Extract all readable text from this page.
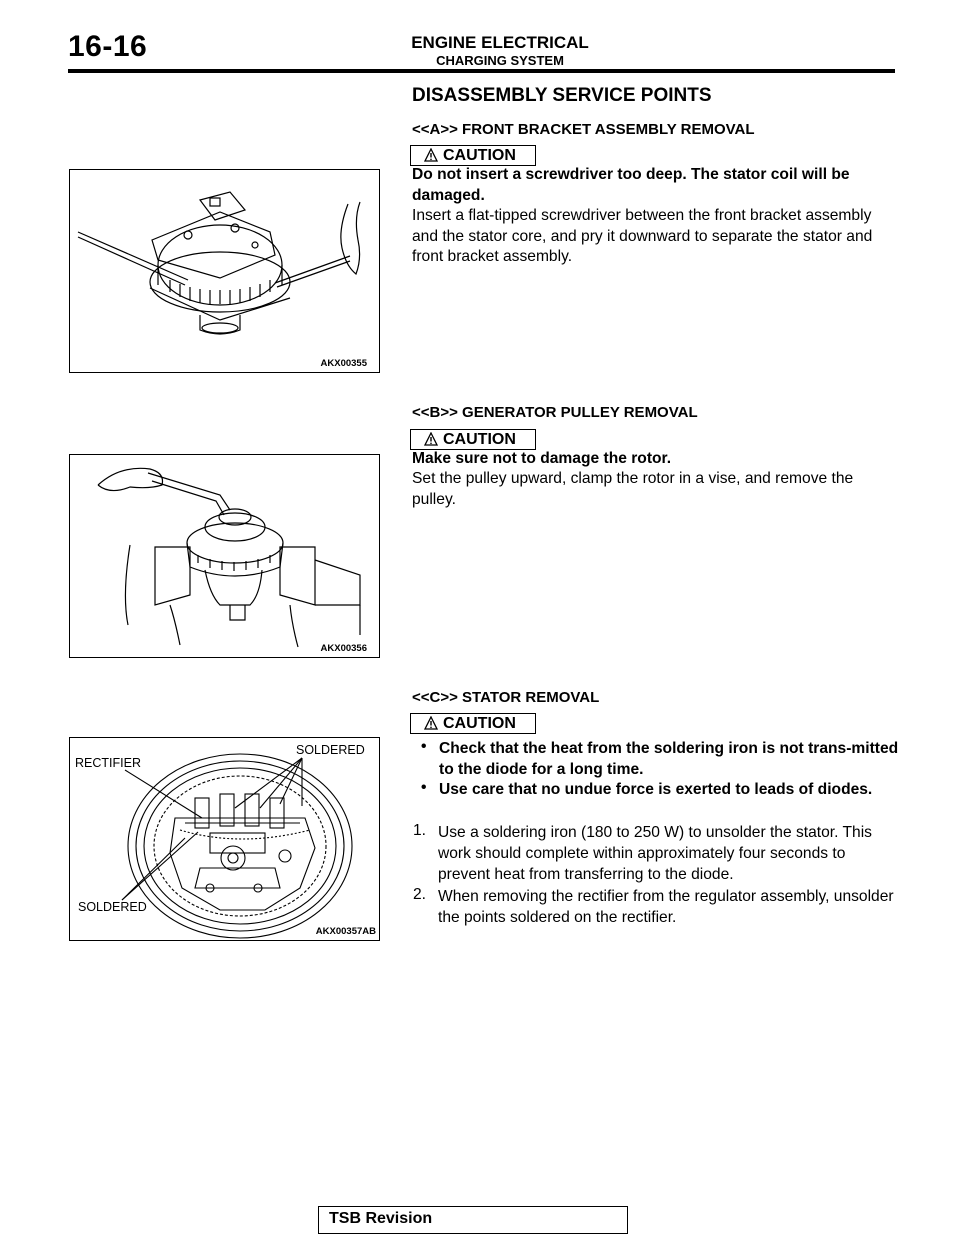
16-16	ENGINE ELECTRICAL
CHARGING SYSTEM
DISASSEMBLY SERVICE POINTS
<<A>> FRONT BRACKET ASSEMBLY REMOVAL
CAUTION
Do not insert a screwdriver too deep. The stator coil will be damaged.
Insert a flat-tipped screwdriver between the front bracket assembly and the stator core, and pry it downward to separate the stator and front bracket assembly.
AKX00355
<<B>> GENERATOR PULLEY REMOVAL
CAUTION
Make sure not to damage the rotor.
Set the pulley upward, clamp the rotor in a vise, and remove the pulley.
AKX00356
<<C>> STATOR REMOVAL
CAUTION
• Check that the heat from the soldering iron is not trans-mitted to the diode for a long time.
• Use care that no undue force is exerted to leads of diodes.
1. Use a soldering iron (180 to 250 W) to unsolder the stator. This work should complete within approximately four seconds to prevent heat from transferring to the diode.
2. When removing the rectifier from the regulator assembly, unsolder the points soldered on the rectifier.
RECTIFIER
SOLDERED
SOLDERED
AKX00357AB
TSB Revision
